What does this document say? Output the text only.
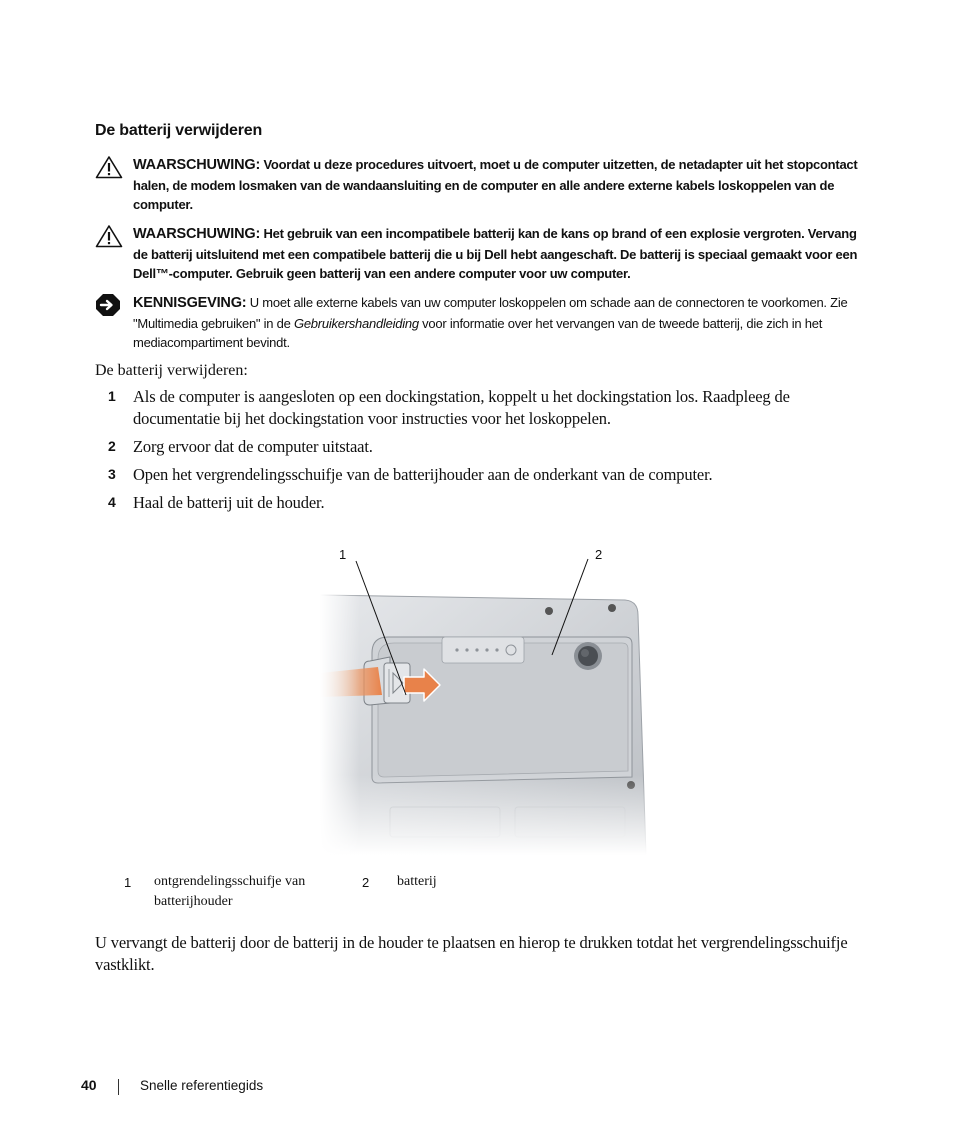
De batterij verwijderen
WAARSCHUWING: Voordat u deze procedures uitvoert, moet u de computer uitzetten, de netadapter uit het stopcontact halen, de modem losmaken van de wandaansluiting en de computer en alle andere externe kabels loskoppelen van de computer.
WAARSCHUWING: Het gebruik van een incompatibele batterij kan de kans op brand of een explosie vergroten. Vervang de batterij uitsluitend met een compatibele batterij die u bij Dell hebt aangeschaft. De batterij is speciaal gemaakt voor een Dell™-computer. Gebruik geen batterij van een andere computer voor uw computer.
KENNISGEVING: U moet alle externe kabels van uw computer loskoppelen om schade aan de connectoren te voorkomen. Zie "Multimedia gebruiken" in de Gebruikershandleiding voor informatie over het vervangen van de tweede batterij, die zich in het mediacompartiment bevindt.
De batterij verwijderen:
1	Als de computer is aangesloten op een dockingstation, koppelt u het dockingstation los. Raadpleeg de documentatie bij het dockingstation voor instructies voor het loskoppelen.
2	Zorg ervoor dat de computer uitstaat.
3	Open het vergrendelingsschuifje van de batterijhouder aan de onderkant van de computer.
4	Haal de batterij uit de houder.
1	2
1 ontgrendelingsschuifje van batterijhouder
2 batterij
U vervangt de batterij door de batterij in de houder te plaatsen en hierop te drukken totdat het vergrendelingsschuifje vastklikt.
40	Snelle referentiegids
